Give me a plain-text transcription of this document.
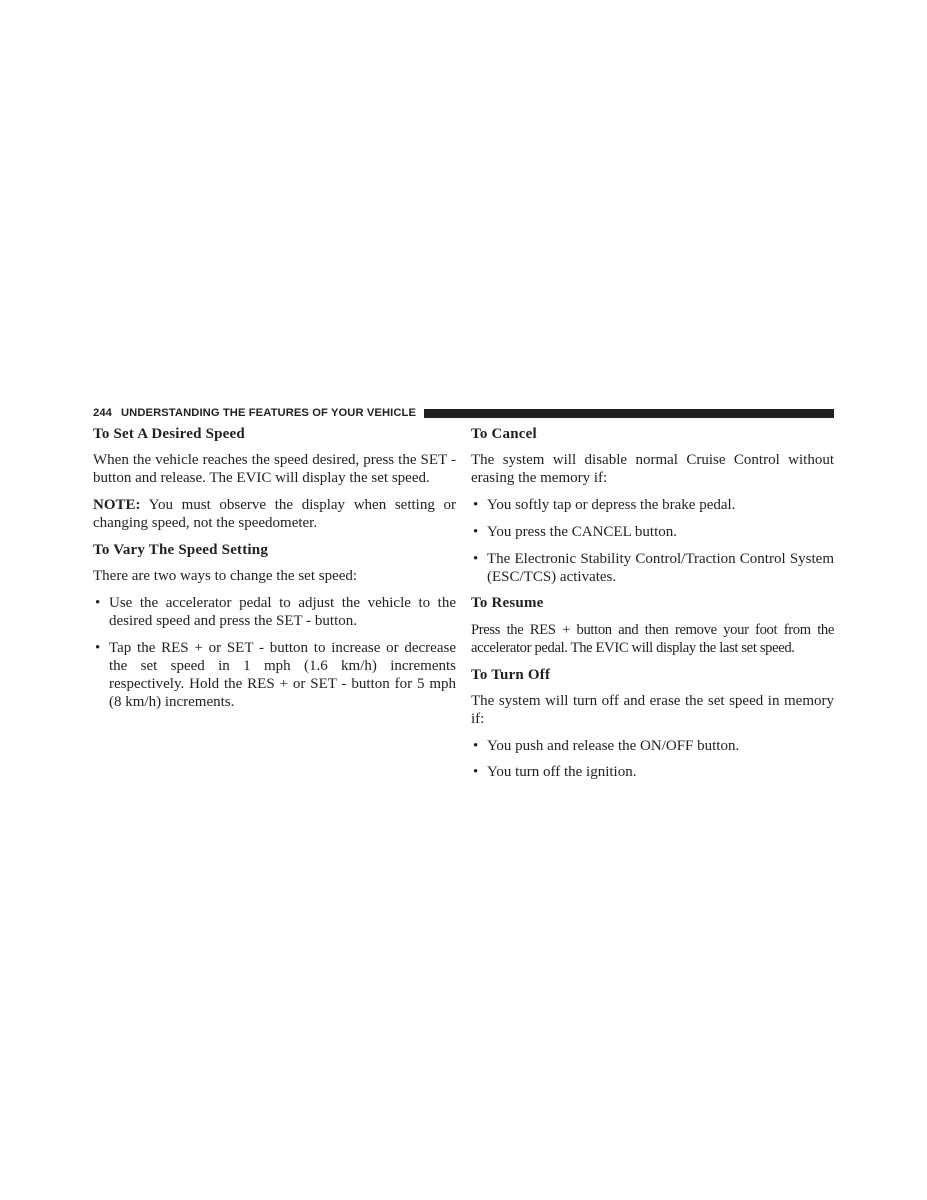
244 UNDERSTANDING THE FEATURES OF YOUR VEHICLE
To Set A Desired Speed

When the vehicle reaches the speed desired, press the SET - button and release. The EVIC will display the set speed.

NOTE: You must observe the display when setting or changing speed, not the speedometer.

To Vary The Speed Setting

There are two ways to change the set speed:

• Use the accelerator pedal to adjust the vehicle to the desired speed and press the SET - button.
• Tap the RES + or SET - button to increase or decrease the set speed in 1 mph (1.6 km/h) increments respectively. Hold the RES + or SET - button for 5 mph (8 km/h) increments.
To Cancel

The system will disable normal Cruise Control without erasing the memory if:

• You softly tap or depress the brake pedal.
• You press the CANCEL button.
• The Electronic Stability Control/Traction Control System (ESC/TCS) activates.
To Resume

Press the RES + button and then remove your foot from the accelerator pedal. The EVIC will display the last set speed.

To Turn Off

The system will turn off and erase the set speed in memory if:

• You push and release the ON/OFF button.
• You turn off the ignition.
